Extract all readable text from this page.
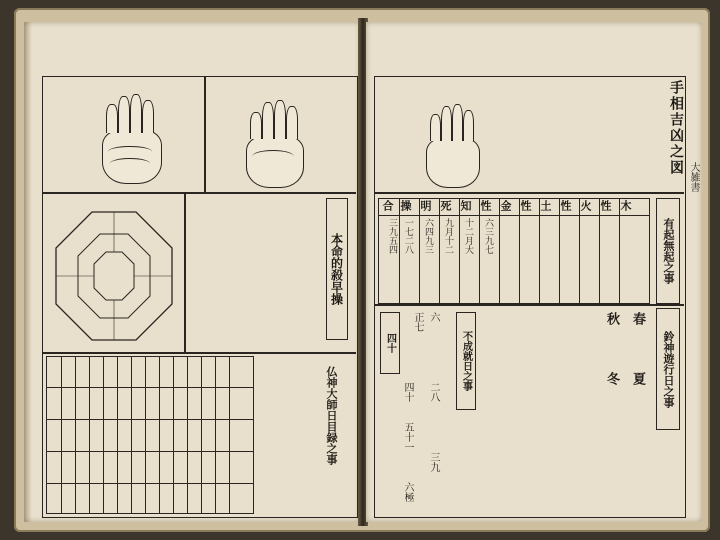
本命的殺早操
仏神大師日目録之事
手相吉凶之図
木
性
火
性
土
性
金
性
知
死
明
操
合
十二月大
九月十二
六四九三
一七二八
三九五四	六三九七	有起無起之事
鈴神遊行日之事
春
夏
秋
冬
不成就日之事
四十
正七 六
二八
三九
四十
五十一
六極
大雑書
